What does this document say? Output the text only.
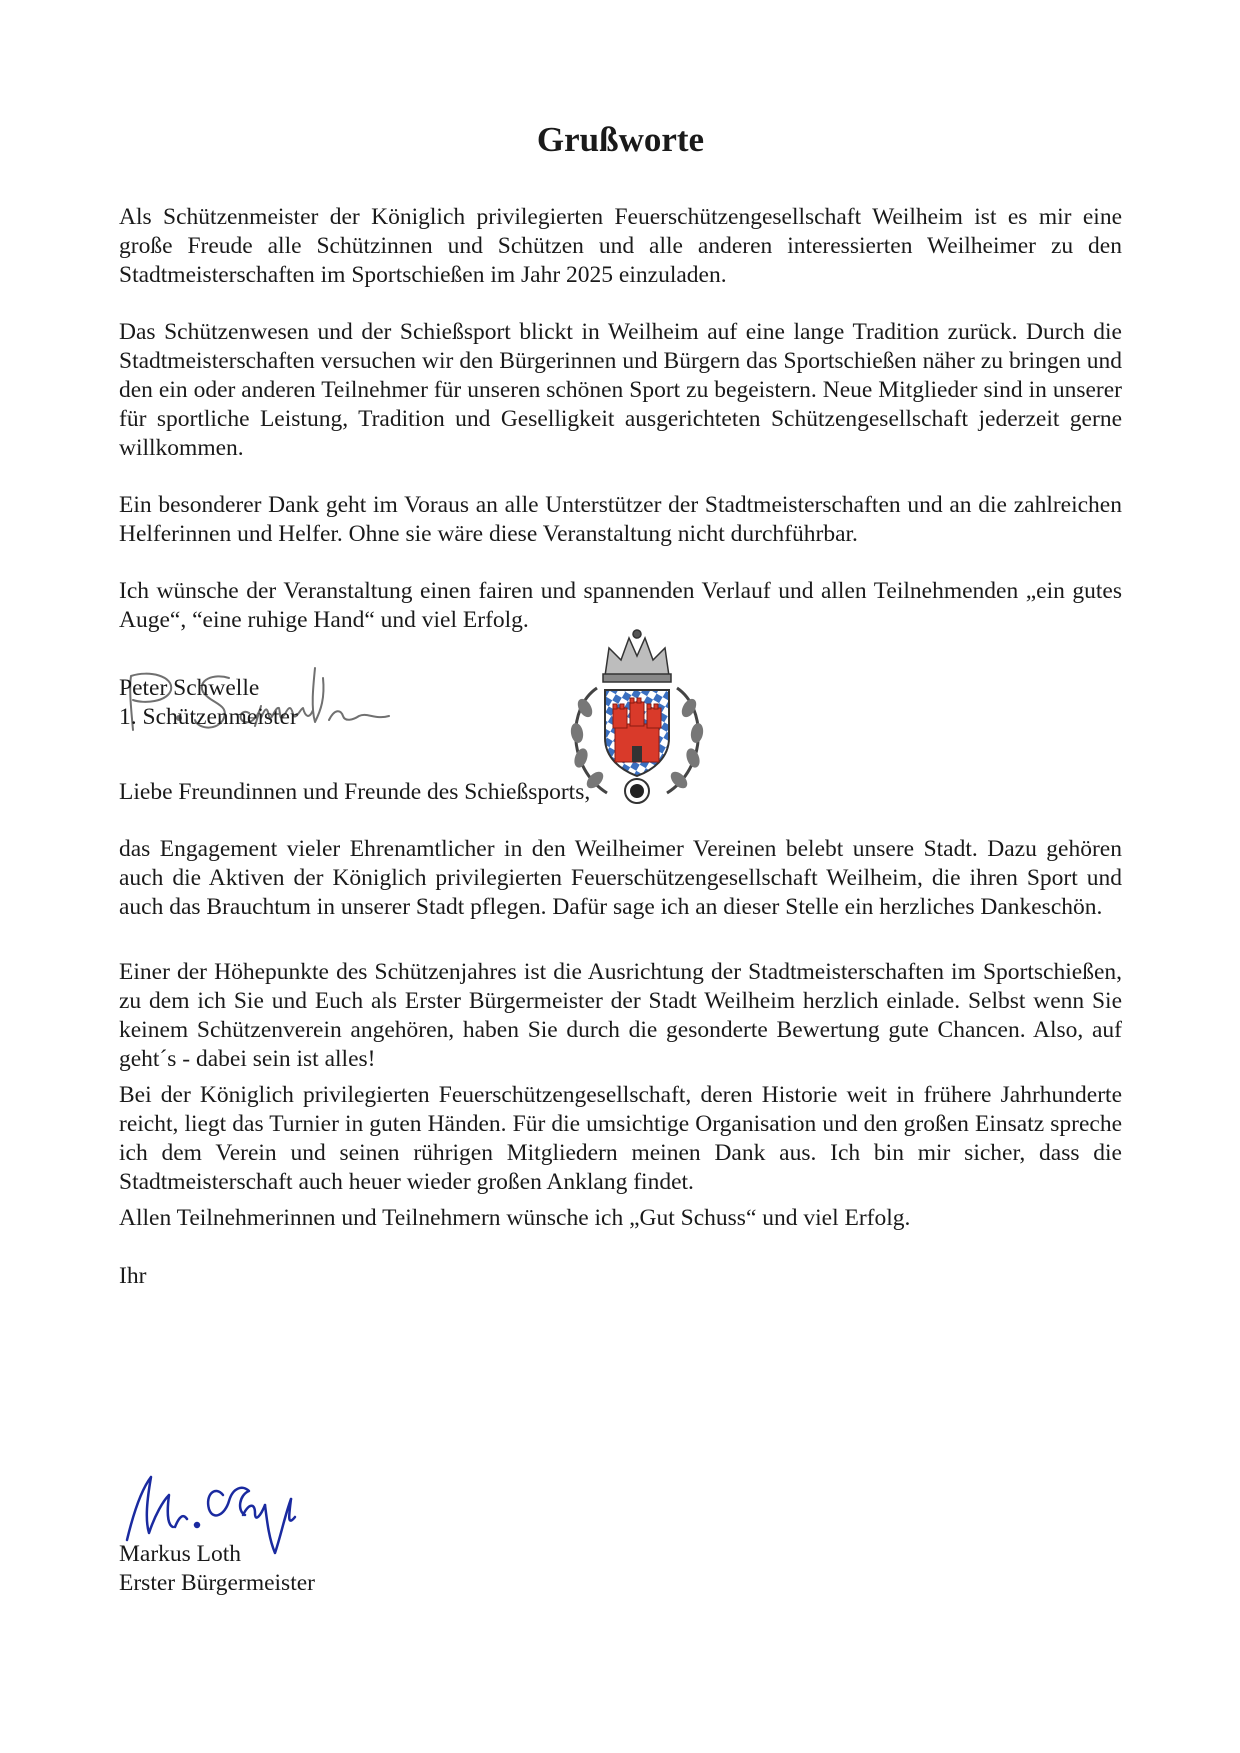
Grußworte

Als Schützenmeister der Königlich privilegierten Feuerschützengesellschaft Weilheim ist es mir eine große Freude alle Schützinnen und Schützen und alle anderen interessierten Weilheimer zu den Stadtmeisterschaften im Sportschießen im Jahr 2025 einzuladen.

Das Schützenwesen und der Schießsport blickt in Weilheim auf eine lange Tradition zurück. Durch die Stadtmeisterschaften versuchen wir den Bürgerinnen und Bürgern das Sportschießen näher zu bringen und den ein oder anderen Teilnehmer für unseren schönen Sport zu begeistern. Neue Mitglieder sind in unserer für sportliche Leistung, Tradition und Geselligkeit ausgerichteten Schützengesellschaft jederzeit gerne willkommen.

Ein besonderer Dank geht im Voraus an alle Unterstützer der Stadtmeisterschaften und an die zahlreichen Helferinnen und Helfer. Ohne sie wäre diese Veranstaltung nicht durchführbar.

Ich wünsche der Veranstaltung einen fairen und spannenden Verlauf und allen Teilnehmenden „ein gutes Auge“, “eine ruhige Hand“ und viel Erfolg.

Peter Schwelle
1. Schützenmeister

Liebe Freundinnen und Freunde des Schießsports,

das Engagement vieler Ehrenamtlicher in den Weilheimer Vereinen belebt unsere Stadt. Dazu gehören auch die Aktiven der Königlich privilegierten Feuerschützengesellschaft Weilheim, die ihren Sport und auch das Brauchtum in unserer Stadt pflegen. Dafür sage ich an dieser Stelle ein herzliches Dankeschön.

Einer der Höhepunkte des Schützenjahres ist die Ausrichtung der Stadtmeisterschaften im Sportschießen, zu dem ich Sie und Euch als Erster Bürgermeister der Stadt Weilheim herzlich einlade. Selbst wenn Sie keinem Schützenverein angehören, haben Sie durch die gesonderte Bewertung gute Chancen. Also, auf geht´s - dabei sein ist alles!

Bei der Königlich privilegierten Feuerschützengesellschaft, deren Historie weit in frühere Jahrhunderte reicht, liegt das Turnier in guten Händen. Für die umsichtige Organisation und den großen Einsatz spreche ich dem Verein und seinen rührigen Mitgliedern meinen Dank aus. Ich bin mir sicher, dass die Stadtmeisterschaft auch heuer wieder großen Anklang findet.

Allen Teilnehmerinnen und Teilnehmern wünsche ich „Gut Schuss“ und viel Erfolg.

Ihr

Markus Loth
Erster Bürgermeister
